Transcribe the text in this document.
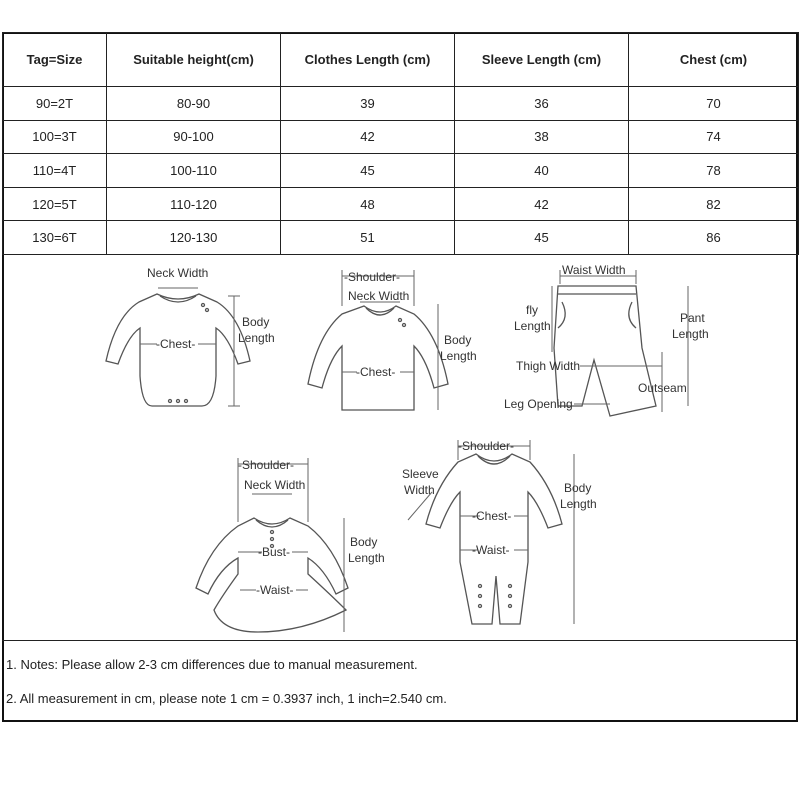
Tag=Size	Suitable height(cm)	Clothes Length (cm)	Sleeve Length (cm)	Chest (cm)
90=2T	80-90	39	36	70
100=3T	90-100	42	38	74
110=4T	100-110	45	40	78
120=5T	110-120	48	42	82
130=6T	120-130	51	45	86
Neck Width
-Chest-
Body
Length
-Shoulder-
Neck Width
-Chest-
Body
Length
Waist Width
fly
Length
Pant
Length
Thigh Width
Outseam
Leg Opening
-Shoulder-
Neck Width
-Bust-
-Waist-
Body
Length
-Shoulder-
Sleeve
Width
-Chest-
-Waist-
Body
Length
1. Notes: Please allow 2-3 cm differences due to manual measurement.
2. All measurement in cm, please note 1 cm = 0.3937 inch, 1 inch=2.540 cm.
